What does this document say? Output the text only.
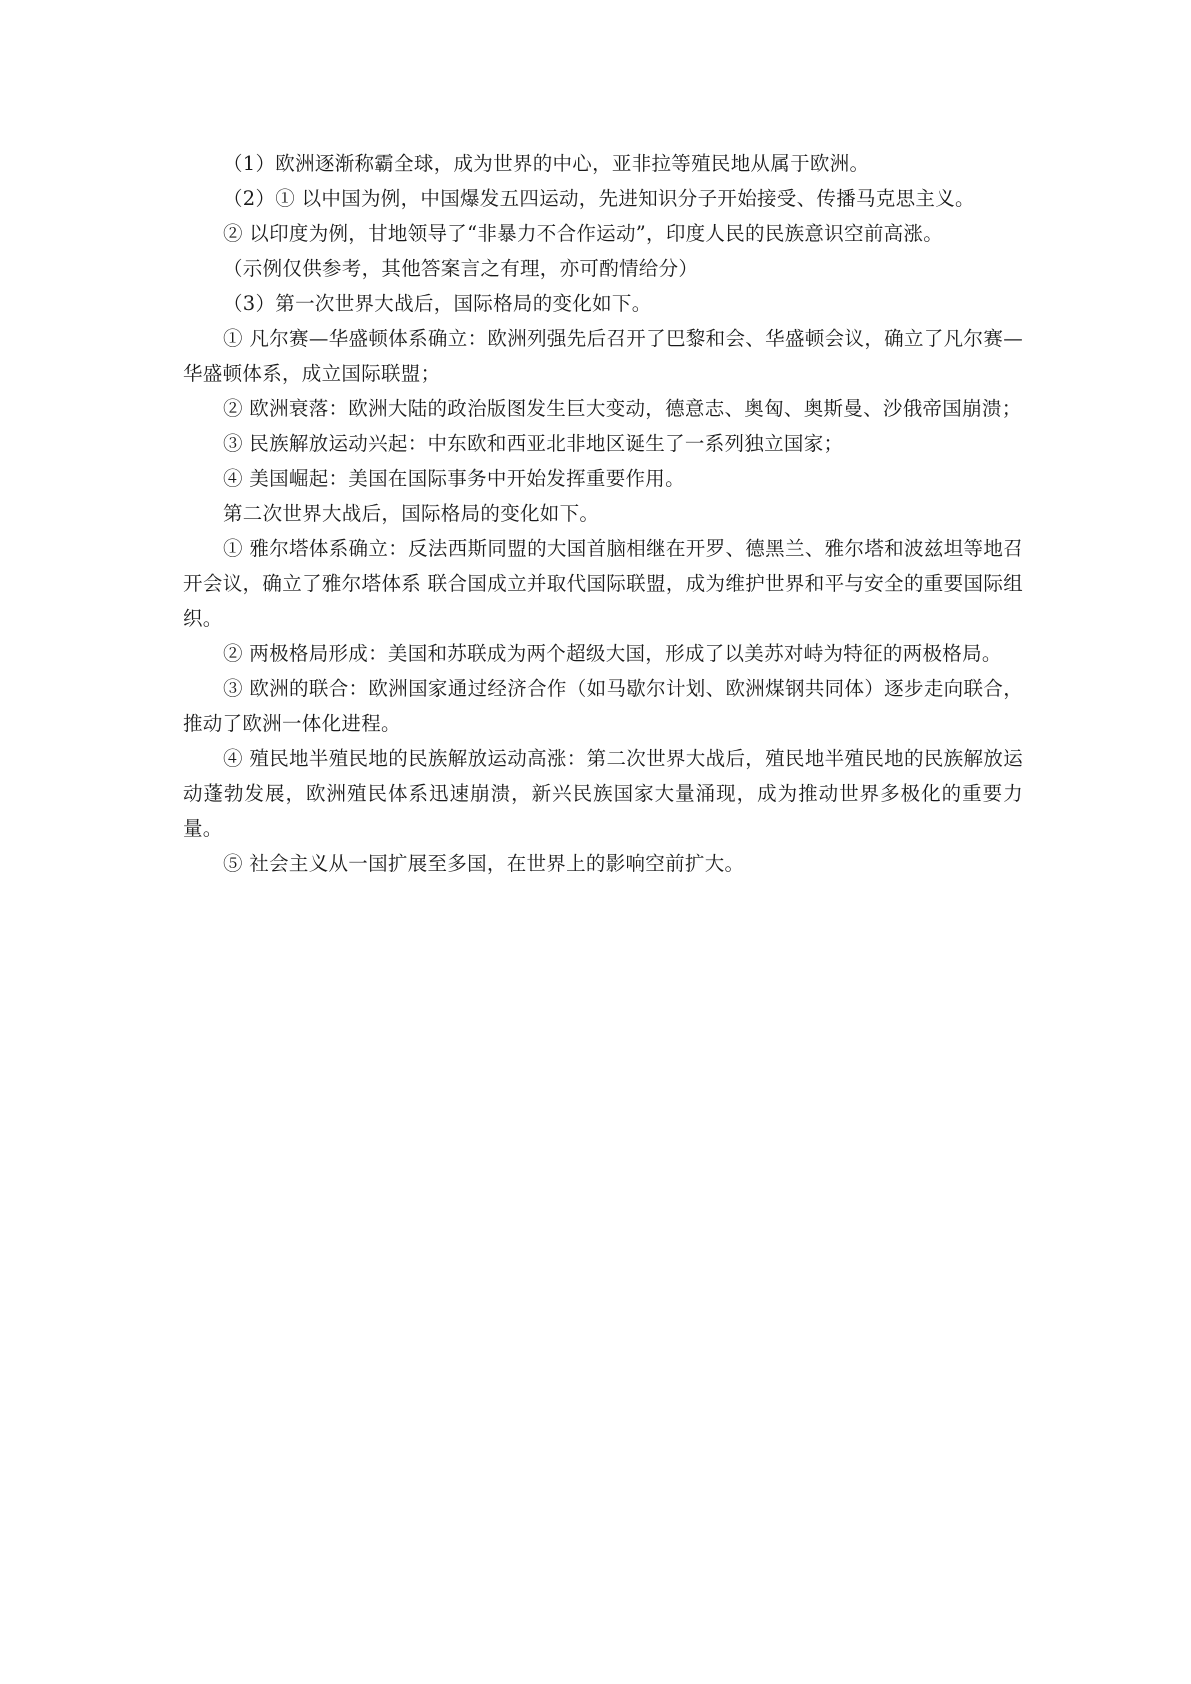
（1）欧洲逐渐称霸全球，成为世界的中心，亚非拉等殖民地从属于欧洲。

（2）① 以中国为例，中国爆发五四运动，先进知识分子开始接受、传播马克思主义。

② 以印度为例，甘地领导了“非暴力不合作运动”，印度人民的民族意识空前高涨。

（示例仅供参考，其他答案言之有理，亦可酌情给分）

（3）第一次世界大战后，国际格局的变化如下。

① 凡尔赛—华盛顿体系确立：欧洲列强先后召开了巴黎和会、华盛顿会议，确立了凡尔赛—华盛顿体系，成立国际联盟；

② 欧洲衰落：欧洲大陆的政治版图发生巨大变动，德意志、奥匈、奥斯曼、沙俄帝国崩溃；

③ 民族解放运动兴起：中东欧和西亚北非地区诞生了一系列独立国家；

④ 美国崛起：美国在国际事务中开始发挥重要作用。

第二次世界大战后，国际格局的变化如下。

① 雅尔塔体系确立：反法西斯同盟的大国首脑相继在开罗、德黑兰、雅尔塔和波兹坦等地召开会议，确立了雅尔塔体系 联合国成立并取代国际联盟，成为维护世界和平与安全的重要国际组织。

② 两极格局形成：美国和苏联成为两个超级大国，形成了以美苏对峙为特征的两极格局。

③ 欧洲的联合：欧洲国家通过经济合作（如马歇尔计划、欧洲煤钢共同体）逐步走向联合，推动了欧洲一体化进程。

④ 殖民地半殖民地的民族解放运动高涨：第二次世界大战后，殖民地半殖民地的民族解放运动蓬勃发展，欧洲殖民体系迅速崩溃，新兴民族国家大量涌现，成为推动世界多极化的重要力量。

⑤ 社会主义从一国扩展至多国，在世界上的影响空前扩大。
